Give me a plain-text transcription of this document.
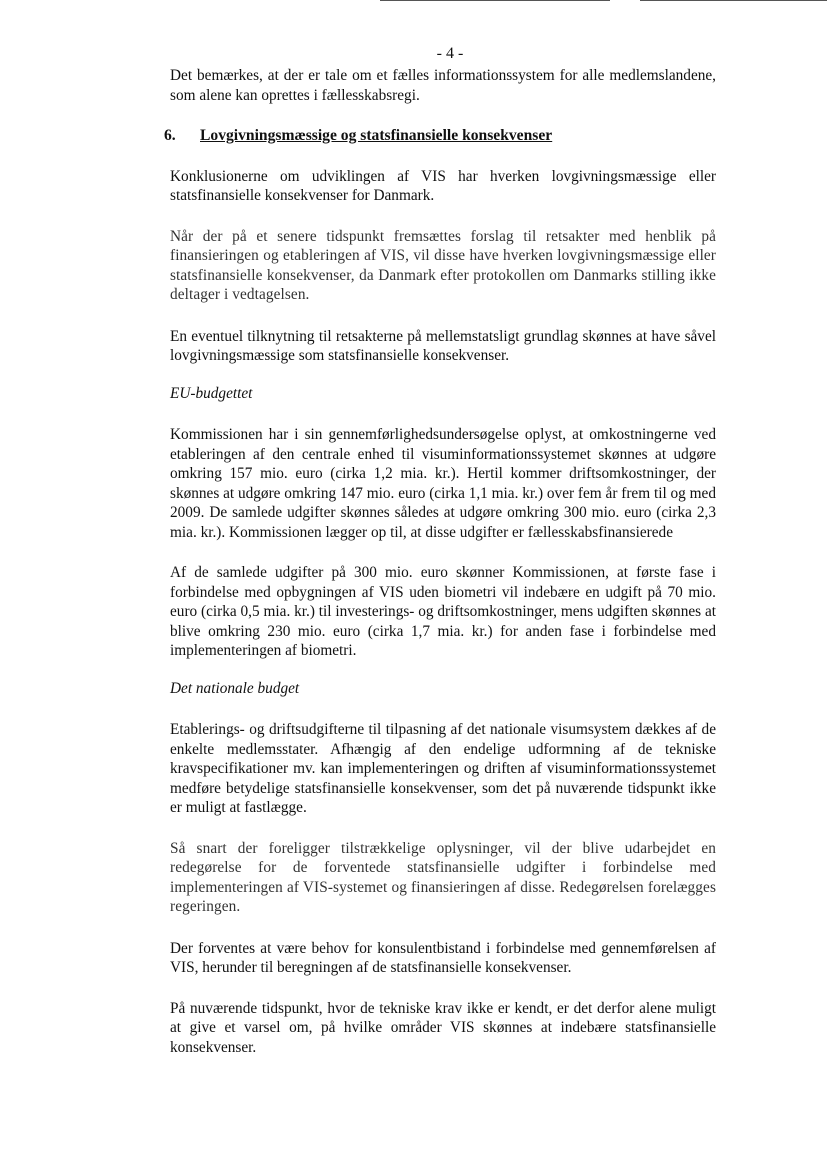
- 4 -

Det bemærkes, at der er tale om et fælles informationssystem for alle medlemslandene, som alene kan oprettes i fællesskabsregi.

6. Lovgivningsmæssige og statsfinansielle konsekvenser

Konklusionerne om udviklingen af VIS har hverken lovgivningsmæssige eller statsfinansielle konsekvenser for Danmark.

Når der på et senere tidspunkt fremsættes forslag til retsakter med henblik på finansieringen og etableringen af VIS, vil disse have hverken lovgivningsmæssige eller statsfinansielle konsekvenser, da Danmark efter protokollen om Danmarks stilling ikke deltager i vedtagelsen.

En eventuel tilknytning til retsakterne på mellemstatsligt grundlag skønnes at have såvel lovgivningsmæssige som statsfinansielle konsekvenser.

EU-budgettet

Kommissionen har i sin gennemførlighedsundersøgelse oplyst, at omkostningerne ved etableringen af den centrale enhed til visuminformationssystemet skønnes at udgøre omkring 157 mio. euro (cirka 1,2 mia. kr.). Hertil kommer driftsomkostninger, der skønnes at udgøre omkring 147 mio. euro (cirka 1,1 mia. kr.) over fem år frem til og med 2009. De samlede udgifter skønnes således at udgøre omkring 300 mio. euro (cirka 2,3 mia. kr.). Kommissionen lægger op til, at disse udgifter er fællesskabsfinansierede

Af de samlede udgifter på 300 mio. euro skønner Kommissionen, at første fase i forbindelse med opbygningen af VIS uden biometri vil indebære en udgift på 70 mio. euro (cirka 0,5 mia. kr.) til investerings- og driftsomkostninger, mens udgiften skønnes at blive omkring 230 mio. euro (cirka 1,7 mia. kr.) for anden fase i forbindelse med implementeringen af biometri.

Det nationale budget

Etablerings- og driftsudgifterne til tilpasning af det nationale visumsystem dækkes af de enkelte medlemsstater. Afhængig af den endelige udformning af de tekniske kravspecifikationer mv. kan implementeringen og driften af visuminformationssystemet medføre betydelige statsfinansielle konsekvenser, som det på nuværende tidspunkt ikke er muligt at fastlægge.

Så snart der foreligger tilstrækkelige oplysninger, vil der blive udarbejdet en redegørelse for de forventede statsfinansielle udgifter i forbindelse med implementeringen af VIS-systemet og finansieringen af disse. Redegørelsen forelægges regeringen.

Der forventes at være behov for konsulentbistand i forbindelse med gennemførelsen af VIS, herunder til beregningen af de statsfinansielle konsekvenser.

På nuværende tidspunkt, hvor de tekniske krav ikke er kendt, er det derfor alene muligt at give et varsel om, på hvilke områder VIS skønnes at indebære statsfinansielle konsekvenser.
